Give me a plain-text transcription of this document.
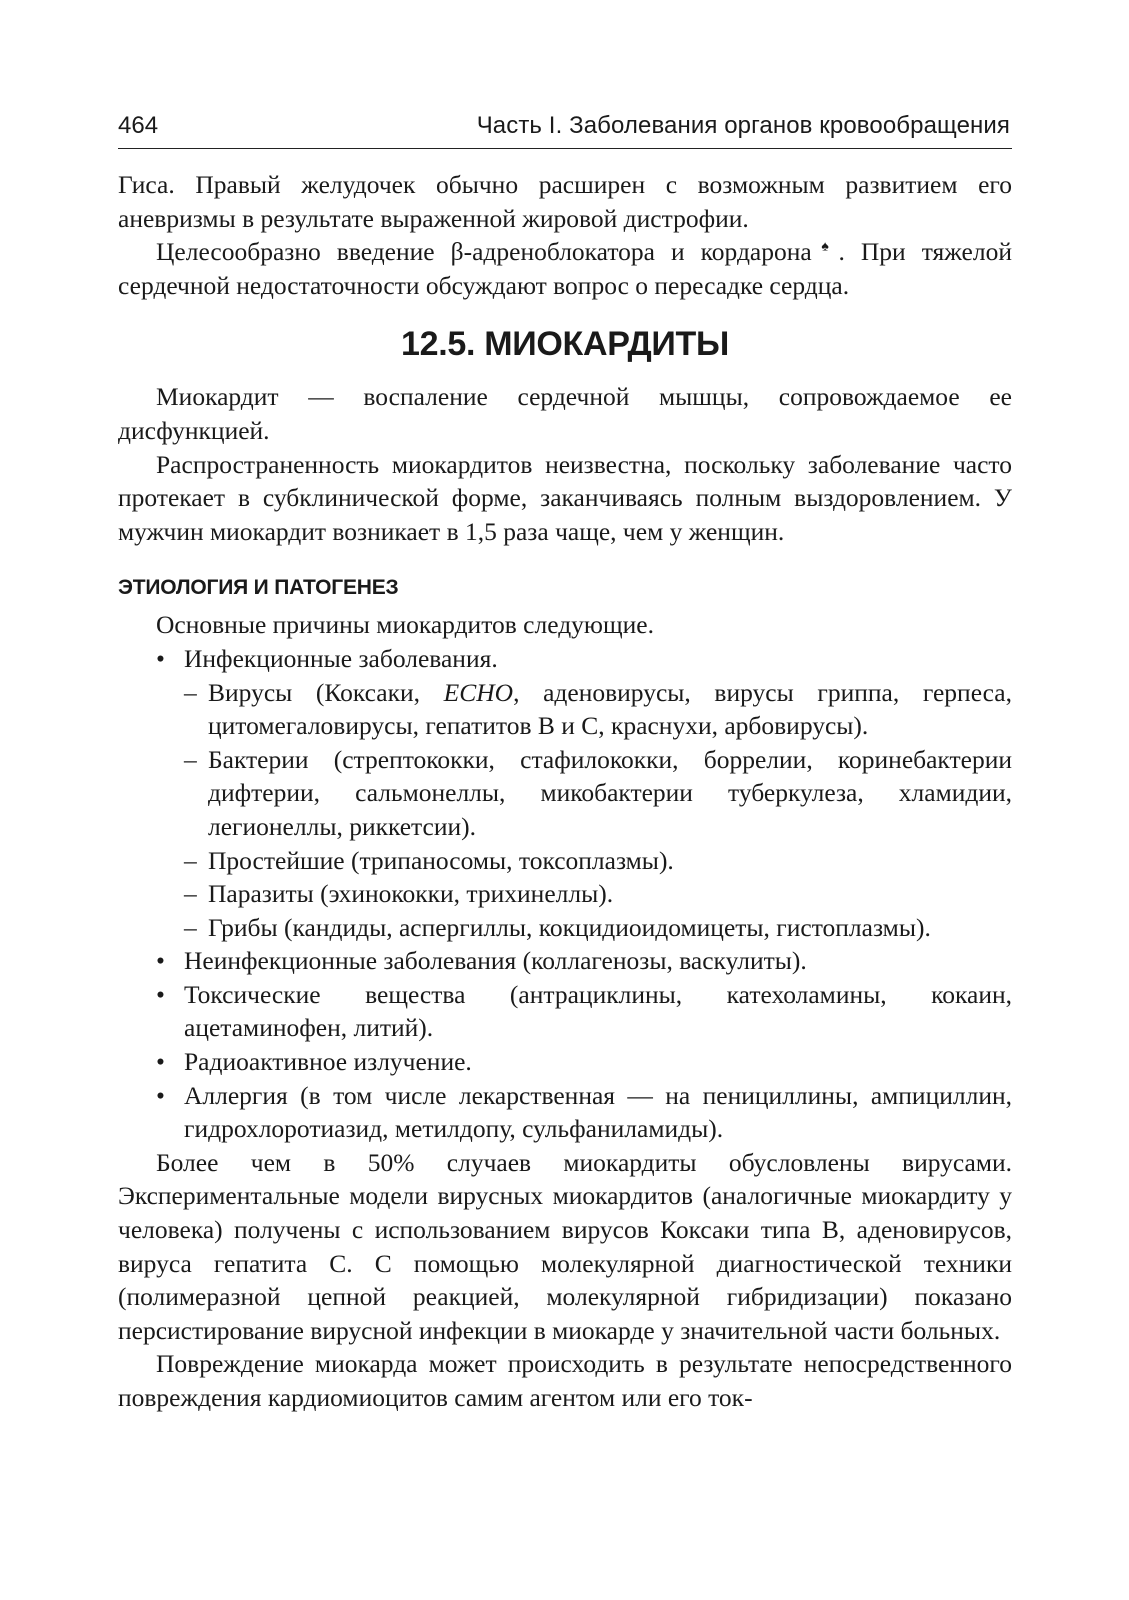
464	Часть I. Заболевания органов кровообращения

Гиса. Правый желудочек обычно расширен с возможным развитием его аневризмы в результате выраженной жировой дистрофии.

Целесообразно введение β-адреноблокатора и кордарона♠. При тяжелой сердечной недостаточности обсуждают вопрос о пересадке сердца.

12.5. МИОКАРДИТЫ

Миокардит — воспаление сердечной мышцы, сопровождаемое ее дисфункцией.

Распространенность миокардитов неизвестна, поскольку заболевание часто протекает в субклинической форме, заканчиваясь полным выздоровлением. У мужчин миокардит возникает в 1,5 раза чаще, чем у женщин.

ЭТИОЛОГИЯ И ПАТОГЕНЕЗ

Основные причины миокардитов следующие.

• Инфекционные заболевания.
– Вирусы (Коксаки, ECHO, аденовирусы, вирусы гриппа, герпеса, цитомегаловирусы, гепатитов B и C, краснухи, арбовирусы).
– Бактерии (стрептококки, стафилококки, боррелии, коринебактерии дифтерии, сальмонеллы, микобактерии туберкулеза, хламидии, легионеллы, риккетсии).
– Простейшие (трипаносомы, токсоплазмы).
– Паразиты (эхинококки, трихинеллы).
– Грибы (кандиды, аспергиллы, кокцидиоидомицеты, гистоплазмы).
• Неинфекционные заболевания (коллагенозы, васкулиты).
• Токсические вещества (антрациклины, катехоламины, кокаин, ацетаминофен, литий).
• Радиоактивное излучение.
• Аллергия (в том числе лекарственная — на пенициллины, ампициллин, гидрохлоротиазид, метилдопу, сульфаниламиды).

Более чем в 50% случаев миокардиты обусловлены вирусами. Экспериментальные модели вирусных миокардитов (аналогичные миокардиту у человека) получены с использованием вирусов Коксаки типа B, аденовирусов, вируса гепатита C. С помощью молекулярной диагностической техники (полимеразной цепной реакцией, молекулярной гибридизации) показано персистирование вирусной инфекции в миокарде у значительной части больных.

Повреждение миокарда может происходить в результате непосредственного повреждения кардиомиоцитов самим агентом или его ток-
